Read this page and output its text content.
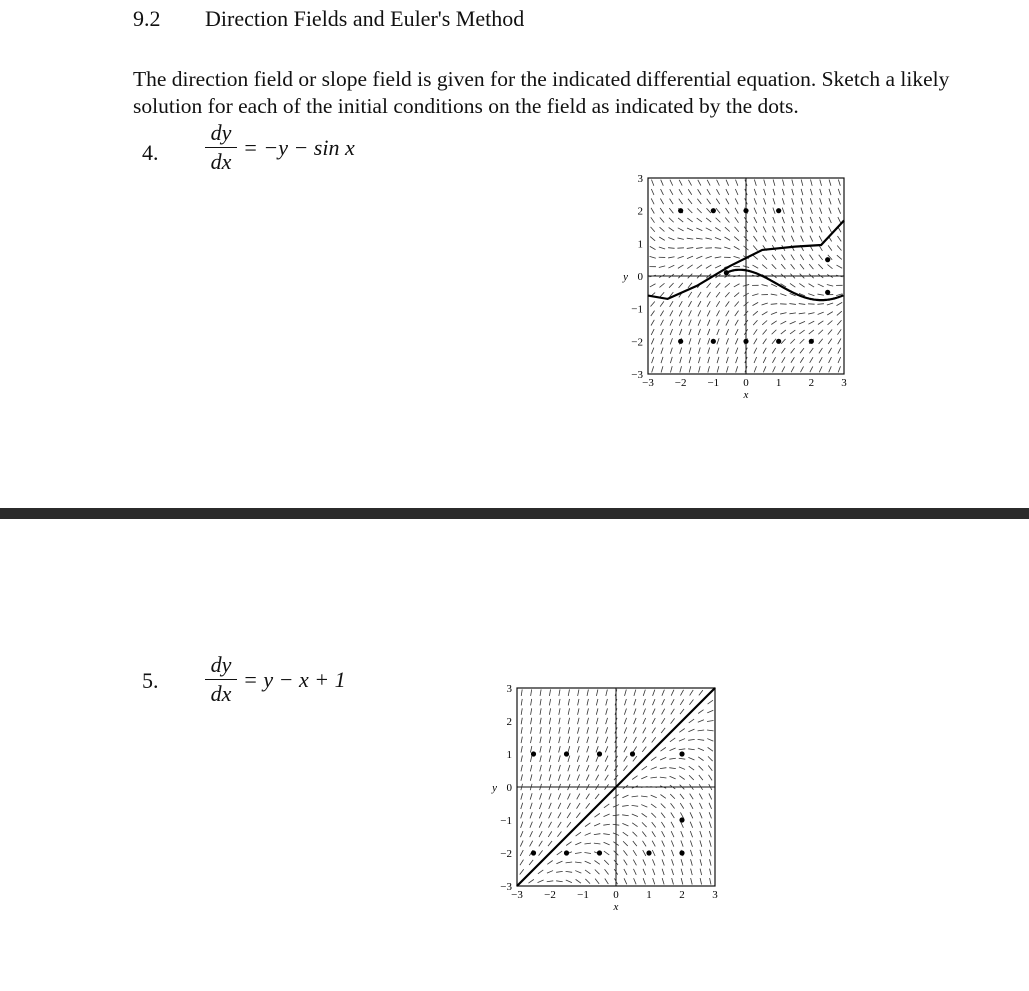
9.2 Direction Fields and Euler's Method
The direction field or slope field is given for the indicated differential equation. Sketch a likely solution for each of the initial conditions on the field as indicated by the dots.
4. $\frac{dy}{dx} = -y - \sin x$
−3 −2 −1 0 1 2 3
3
2
1
0
−1
−2
−3
x
y
5. $\frac{dy}{dx} = y - x + 1$
−3 −2 −1 0	1	2	3
3
2
1
0
−1
−2
−3
x
y
